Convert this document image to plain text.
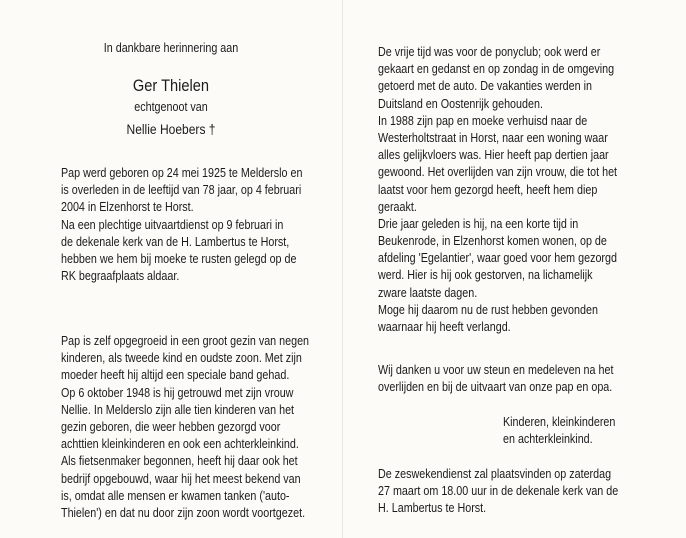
In dankbare herinnering aan
Ger Thielen
echtgenoot van
Nellie Hoebers †
Pap werd geboren op 24 mei 1925 te Melderslo en
is overleden in de leeftijd van 78 jaar, op 4 februari
2004 in Elzenhorst te Horst.
Na een plechtige uitvaartdienst op 9 februari in
de dekenale kerk van de H. Lambertus te Horst,
hebben we hem bij moeke te rusten gelegd op de
RK begraafplaats aldaar.
Pap is zelf opgegroeid in een groot gezin van negen
kinderen, als tweede kind en oudste zoon. Met zijn
moeder heeft hij altijd een speciale band gehad.
Op 6 oktober 1948 is hij getrouwd met zijn vrouw
Nellie. In Melderslo zijn alle tien kinderen van het
gezin geboren, die weer hebben gezorgd voor
achttien kleinkinderen en ook een achterkleinkind.
Als fietsenmaker begonnen, heeft hij daar ook het
bedrijf opgebouwd, waar hij het meest bekend van
is, omdat alle mensen er kwamen tanken ('auto-
Thielen') en dat nu door zijn zoon wordt voortgezet.
De vrije tijd was voor de ponyclub; ook werd er
gekaart en gedanst en op zondag in de omgeving
getoerd met de auto. De vakanties werden in
Duitsland en Oostenrijk gehouden.
In 1988 zijn pap en moeke verhuisd naar de
Westerholtstraat in Horst, naar een woning waar
alles gelijkvloers was. Hier heeft pap dertien jaar
gewoond. Het overlijden van zijn vrouw, die tot het
laatst voor hem gezorgd heeft, heeft hem diep
geraakt.
Drie jaar geleden is hij, na een korte tijd in
Beukenrode, in Elzenhorst komen wonen, op de
afdeling 'Egelantier', waar goed voor hem gezorgd
werd. Hier is hij ook gestorven, na lichamelijk
zware laatste dagen.
Moge hij daarom nu de rust hebben gevonden
waarnaar hij heeft verlangd.
Wij danken u voor uw steun en medeleven na het
overlijden en bij de uitvaart van onze pap en opa.
Kinderen, kleinkinderen
en achterkleinkind.
De zeswekendienst zal plaatsvinden op zaterdag
27 maart om 18.00 uur in de dekenale kerk van de
H. Lambertus te Horst.
